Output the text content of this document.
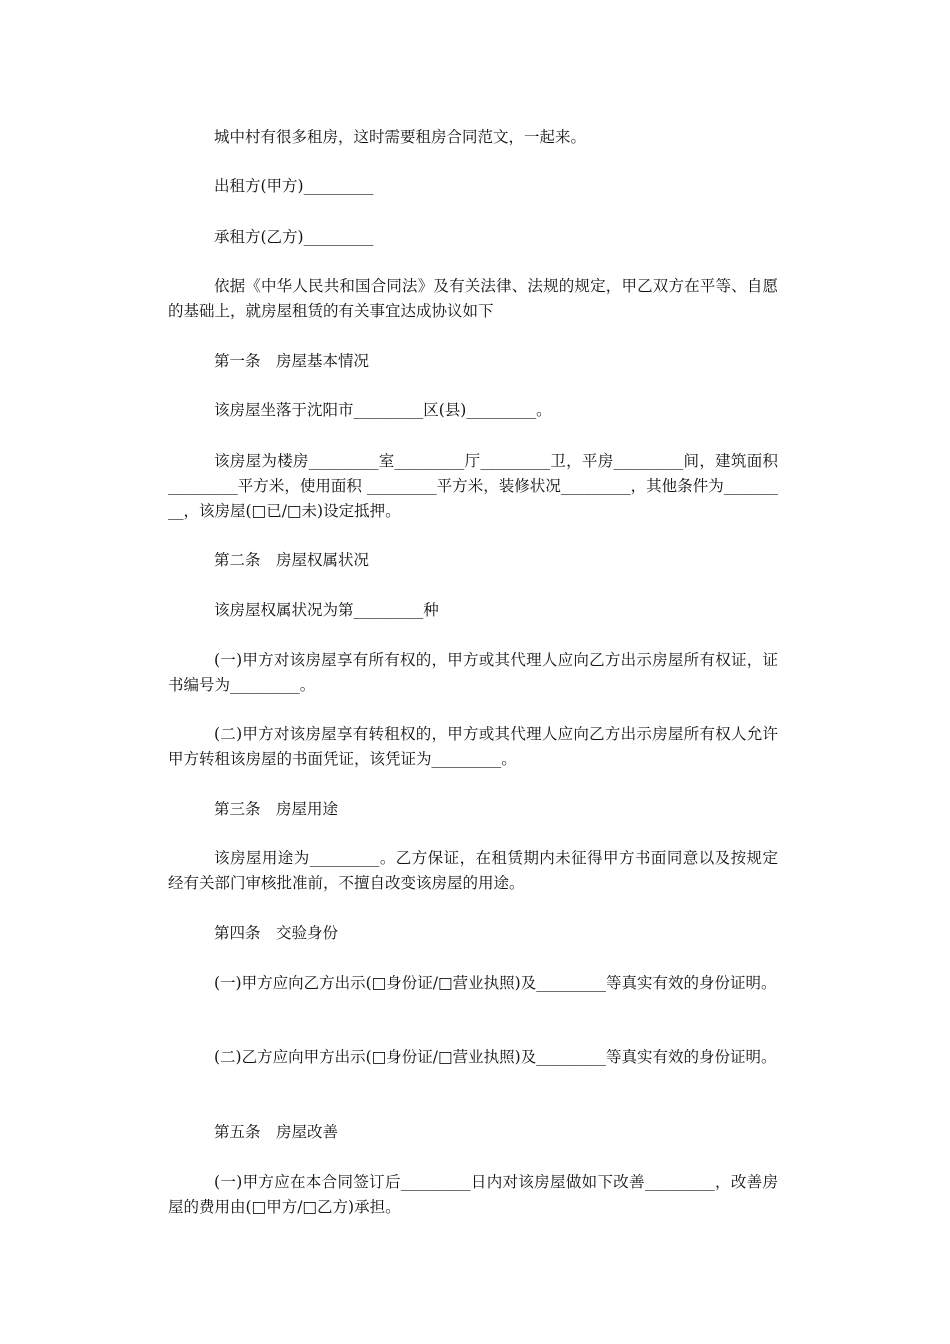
城中村有很多租房，这时需要租房合同范文，一起来。

出租方(甲方)_________

承租方(乙方)_________

依据《中华人民共和国合同法》及有关法律、法规的规定，甲乙双方在平等、自愿的基础上，就房屋租赁的有关事宜达成协议如下

第一条　房屋基本情况

该房屋坐落于沈阳市_________区(县)_________。

该房屋为楼房_________室_________厅_________卫，平房_________间，建筑面积_________平方米，使用面积 _________平方米，装修状况_________，其他条件为_________，该房屋(□已/□未)设定抵押。

第二条　房屋权属状况

该房屋权属状况为第_________种

(一)甲方对该房屋享有所有权的，甲方或其代理人应向乙方出示房屋所有权证，证书编号为_________。

(二)甲方对该房屋享有转租权的，甲方或其代理人应向乙方出示房屋所有权人允许甲方转租该房屋的书面凭证，该凭证为_________。

第三条　房屋用途

该房屋用途为_________。乙方保证，在租赁期内未征得甲方书面同意以及按规定经有关部门审核批准前，不擅自改变该房屋的用途。

第四条　交验身份

(一)甲方应向乙方出示(□身份证/□营业执照)及_________等真实有效的身份证明。

(二)乙方应向甲方出示(□身份证/□营业执照)及_________等真实有效的身份证明。

第五条　房屋改善

(一)甲方应在本合同签订后_________日内对该房屋做如下改善_________，改善房屋的费用由(□甲方/□乙方)承担。
